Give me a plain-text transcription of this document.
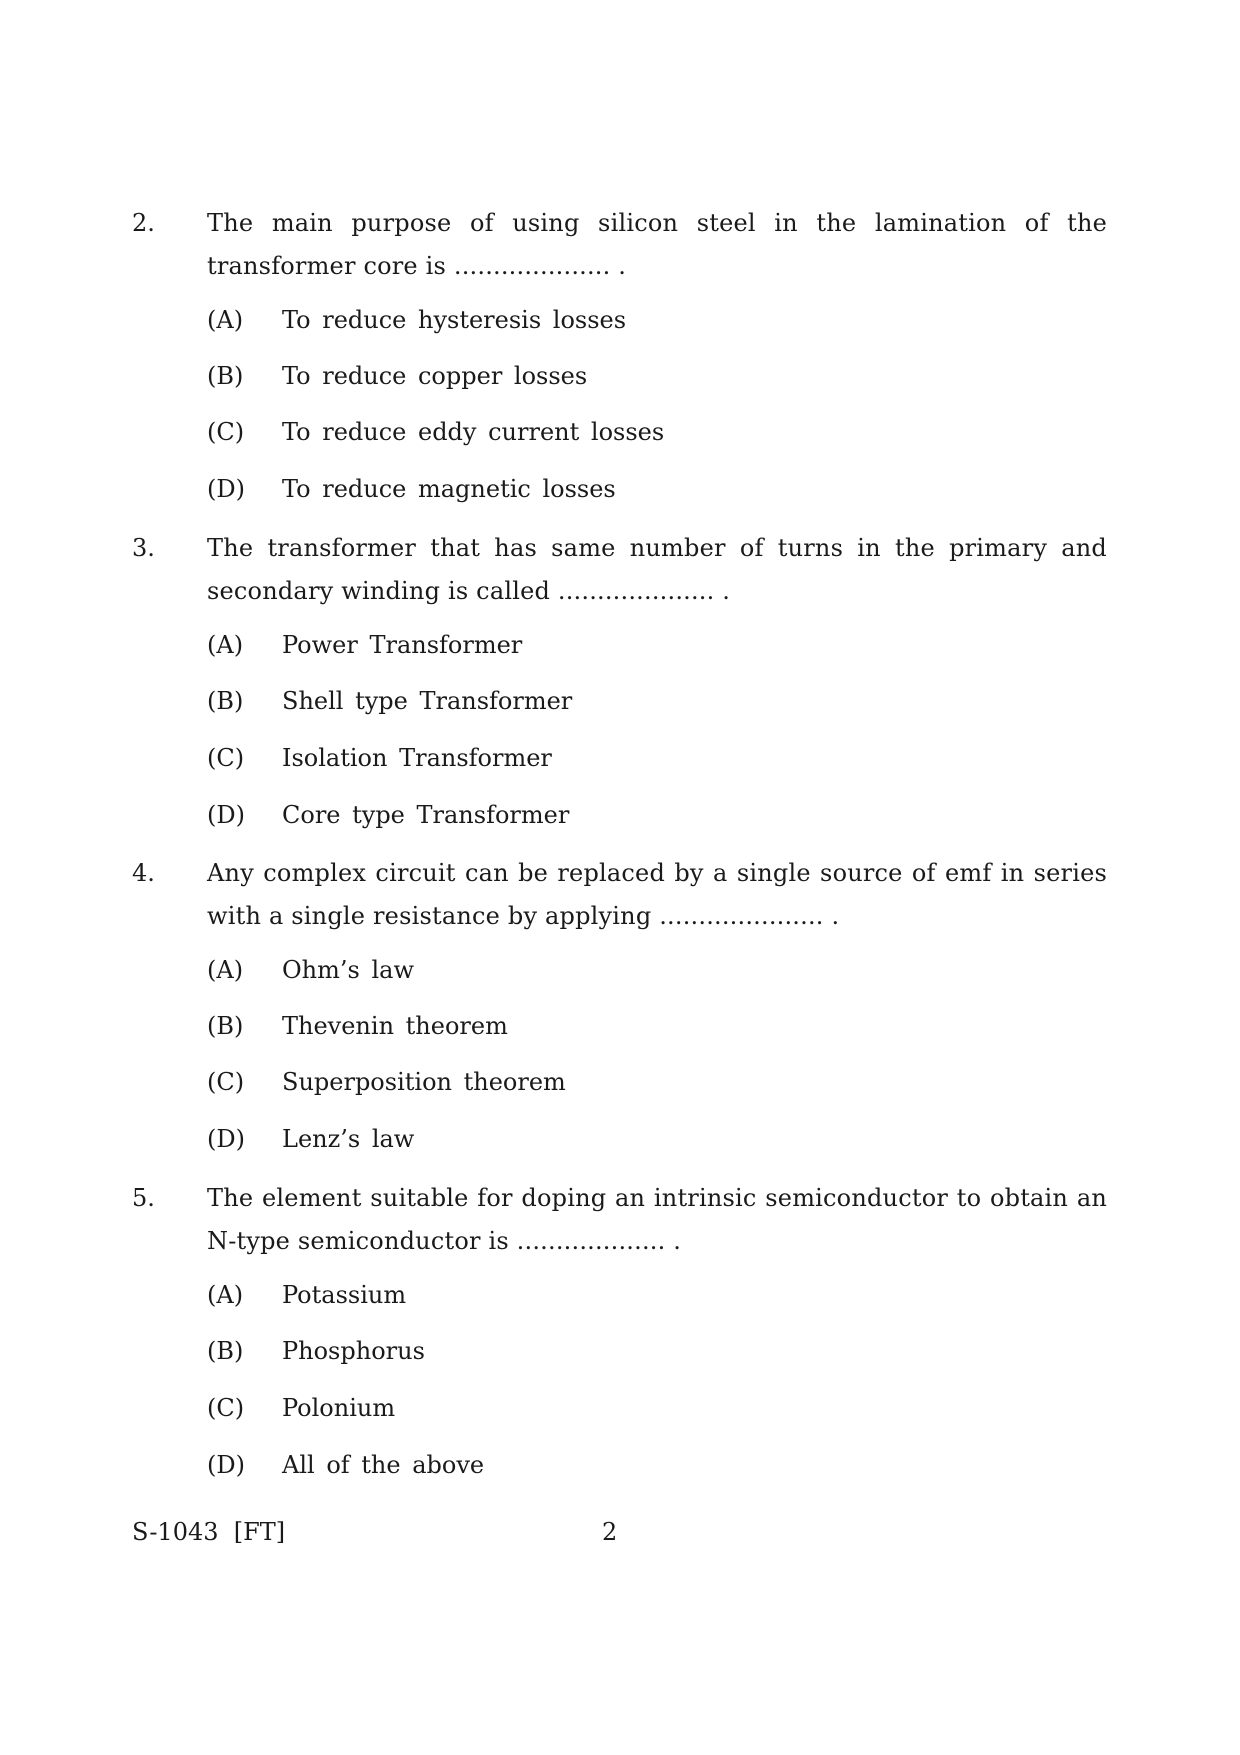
2. The main purpose of using silicon steel in the lamination of the transformer core is .................... .
(A) To reduce hysteresis losses
(B) To reduce copper losses
(C) To reduce eddy current losses
(D) To reduce magnetic losses
3. The transformer that has same number of turns in the primary and secondary winding is called .................... .
(A) Power Transformer
(B) Shell type Transformer
(C) Isolation Transformer
(D) Core type Transformer
4. Any complex circuit can be replaced by a single source of emf in series with a single resistance by applying ..................... .
(A) Ohm’s law
(B) Thevenin theorem
(C) Superposition theorem
(D) Lenz’s law
5. The element suitable for doping an intrinsic semiconductor to obtain an N-type semiconductor is ................... .
(A) Potassium
(B) Phosphorus
(C) Polonium
(D) All of the above
S-1043  [FT]	2
